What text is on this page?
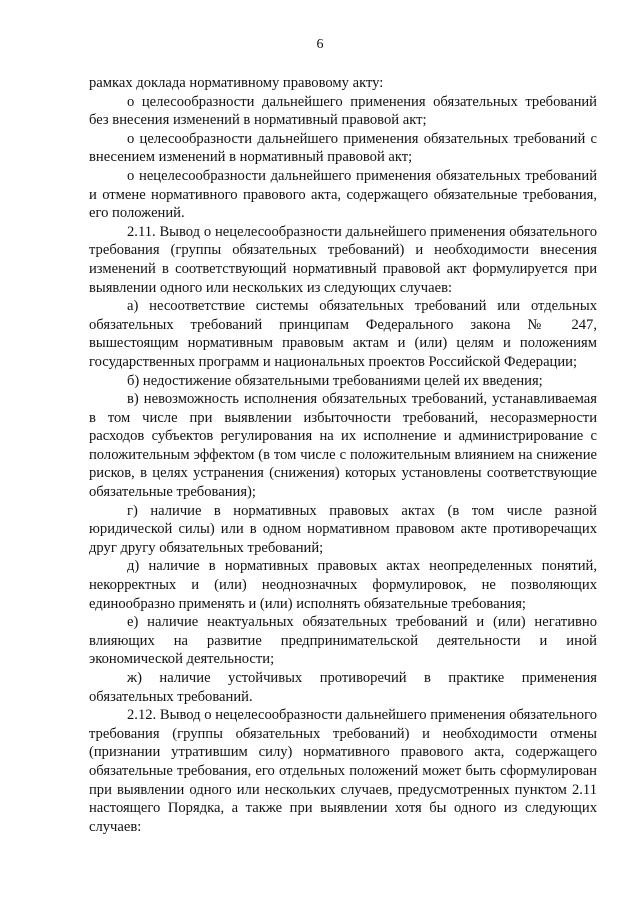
6

рамках доклада нормативному правовому акту:

о целесообразности дальнейшего применения обязательных требований без внесения изменений в нормативный правовой акт;

о целесообразности дальнейшего применения обязательных требований с внесением изменений в нормативный правовой акт;

о нецелесообразности дальнейшего применения обязательных требований и отмене нормативного правового акта, содержащего обязательные требования, его положений.

2.11. Вывод о нецелесообразности дальнейшего применения обязательного требования (группы обязательных требований) и необходимости внесения изменений в соответствующий нормативный правовой акт формулируется при выявлении одного или нескольких из следующих случаев:

а) несоответствие системы обязательных требований или отдельных обязательных требований принципам Федерального закона № 247, вышестоящим нормативным правовым актам и (или) целям и положениям государственных программ и национальных проектов Российской Федерации;

б) недостижение обязательными требованиями целей их введения;

в) невозможность исполнения обязательных требований, устанавливаемая в том числе при выявлении избыточности требований, несоразмерности расходов субъектов регулирования на их исполнение и администрирование с положительным эффектом (в том числе с положительным влиянием на снижение рисков, в целях устранения (снижения) которых установлены соответствующие обязательные требования);

г) наличие в нормативных правовых актах (в том числе разной юридической силы) или в одном нормативном правовом акте противоречащих друг другу обязательных требований;

д) наличие в нормативных правовых актах неопределенных понятий, некорректных и (или) неоднозначных формулировок, не позволяющих единообразно применять и (или) исполнять обязательные требования;

е) наличие неактуальных обязательных требований и (или) негативно влияющих на развитие предпринимательской деятельности и иной экономической деятельности;

ж) наличие устойчивых противоречий в практике применения обязательных требований.

2.12. Вывод о нецелесообразности дальнейшего применения обязательного требования (группы обязательных требований) и необходимости отмены (признании утратившим силу) нормативного правового акта, содержащего обязательные требования, его отдельных положений может быть сформулирован при выявлении одного или нескольких случаев, предусмотренных пунктом 2.11 настоящего Порядка, а также при выявлении хотя бы одного из следующих случаев:
